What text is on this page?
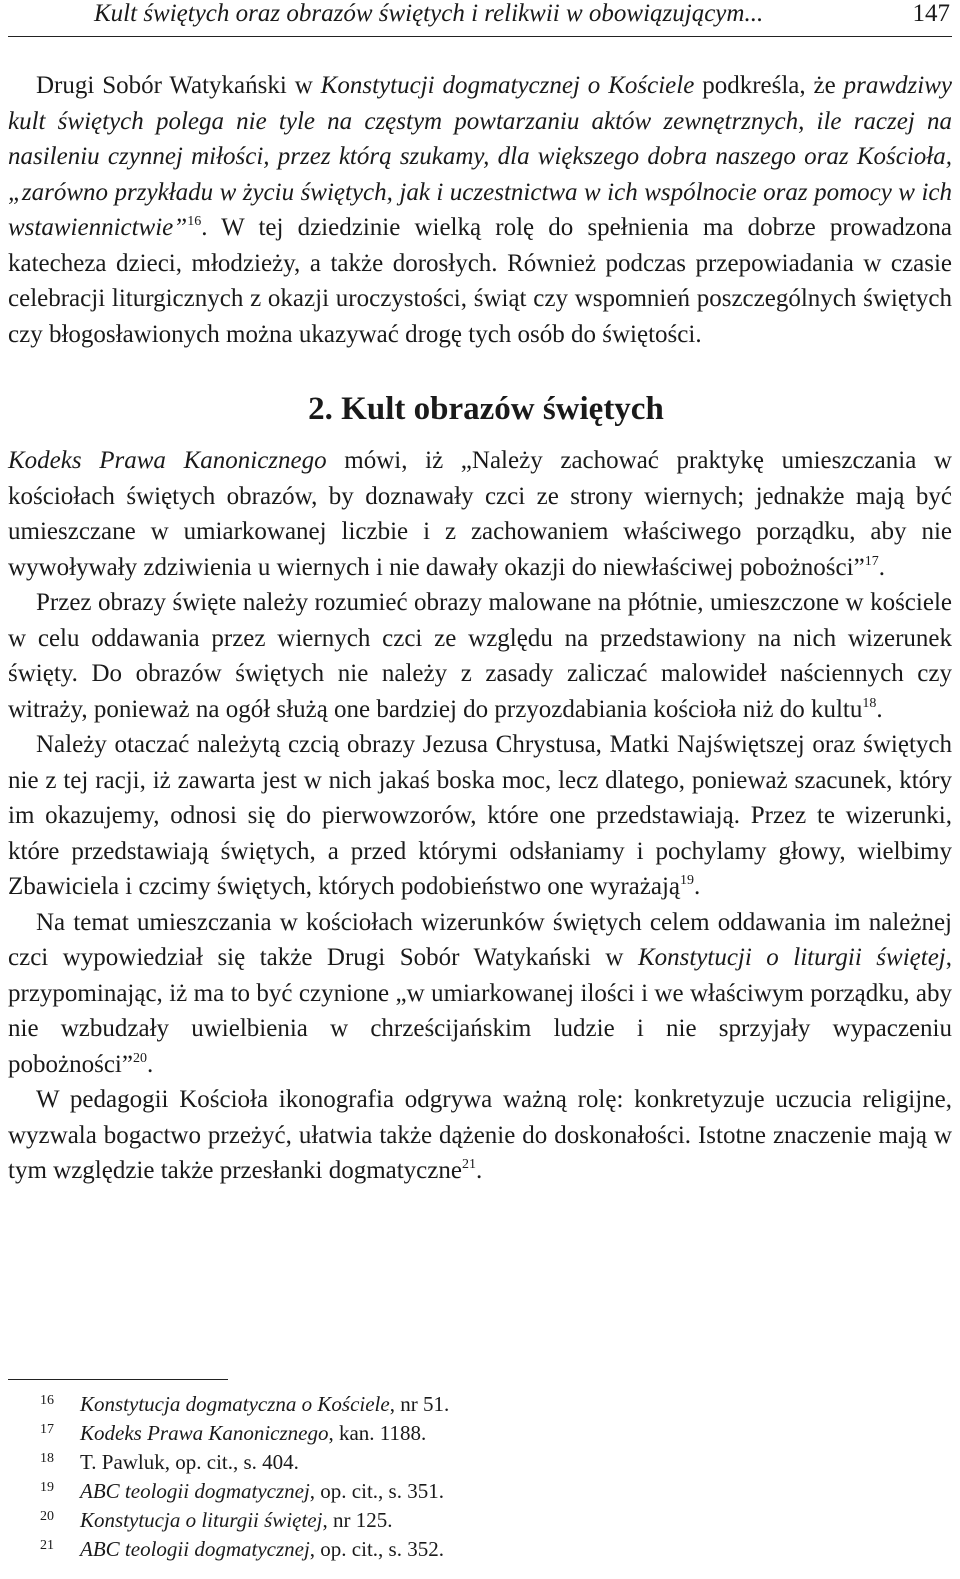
Kult świętych oraz obrazów świętych i relikwii w obowiązującym...	147

Drugi Sobór Watykański w Konstytucji dogmatycznej o Kościele podkreśla, że prawdziwy kult świętych polega nie tyle na częstym powtarzaniu aktów zewnętrznych, ile raczej na nasileniu czynnej miłości, przez którą szukamy, dla większego dobra naszego oraz Kościoła, „zarówno przykładu w życiu świętych, jak i uczestnictwa w ich wspólnocie oraz pomocy w ich wstawiennictwie”$^{16}$. W tej dziedzinie wielką rolę do spełnienia ma dobrze prowadzona katecheza dzieci, młodzieży, a także dorosłych. Również podczas przepowiadania w czasie celebracji liturgicznych z okazji uroczystości, świąt czy wspomnień poszczególnych świętych czy błogosławionych można ukazywać drogę tych osób do świętości.

2. Kult obrazów świętych

Kodeks Prawa Kanonicznego mówi, iż „Należy zachować praktykę umieszczania w kościołach świętych obrazów, by doznawały czci ze strony wiernych; jednakże mają być umieszczane w umiarkowanej liczbie i z zachowaniem właściwego porządku, aby nie wywoływały zdziwienia u wiernych i nie dawały okazji do niewłaściwej pobożności”$^{17}$.

Przez obrazy święte należy rozumieć obrazy malowane na płótnie, umieszczone w kościele w celu oddawania przez wiernych czci ze względu na przedstawiony na nich wizerunek święty. Do obrazów świętych nie należy z zasady zaliczać malowideł naściennych czy witraży, ponieważ na ogół służą one bardziej do przyozdabiania kościoła niż do kultu$^{18}$.

Należy otaczać należytą czcią obrazy Jezusa Chrystusa, Matki Najświętszej oraz świętych nie z tej racji, iż zawarta jest w nich jakaś boska moc, lecz dlatego, ponieważ szacunek, który im okazujemy, odnosi się do pierwowzorów, które one przedstawiają. Przez te wizerunki, które przedstawiają świętych, a przed którymi odsłaniamy i pochylamy głowy, wielbimy Zbawiciela i czcimy świętych, których podobieństwo one wyrażają$^{19}$.

Na temat umieszczania w kościołach wizerunków świętych celem oddawania im należnej czci wypowiedział się także Drugi Sobór Watykański w Konstytucji o liturgii świętej, przypominając, iż ma to być czynione „w umiarkowanej ilości i we właściwym porządku, aby nie wzbudzały uwielbienia w chrześcijańskim ludzie i nie sprzyjały wypaczeniu pobożności”$^{20}$.

W pedagogii Kościoła ikonografia odgrywa ważną rolę: konkretyzuje uczucia religijne, wyzwala bogactwo przeżyć, ułatwia także dążenie do doskonałości. Istotne znaczenie mają w tym względzie także przesłanki dogmatyczne$^{21}$.

16 Konstytucja dogmatyczna o Kościele, nr 51.
17 Kodeks Prawa Kanonicznego, kan. 1188.
18 T. Pawluk, op. cit., s. 404.
19 ABC teologii dogmatycznej, op. cit., s. 351.
20 Konstytucja o liturgii świętej, nr 125.
21 ABC teologii dogmatycznej, op. cit., s. 352.
